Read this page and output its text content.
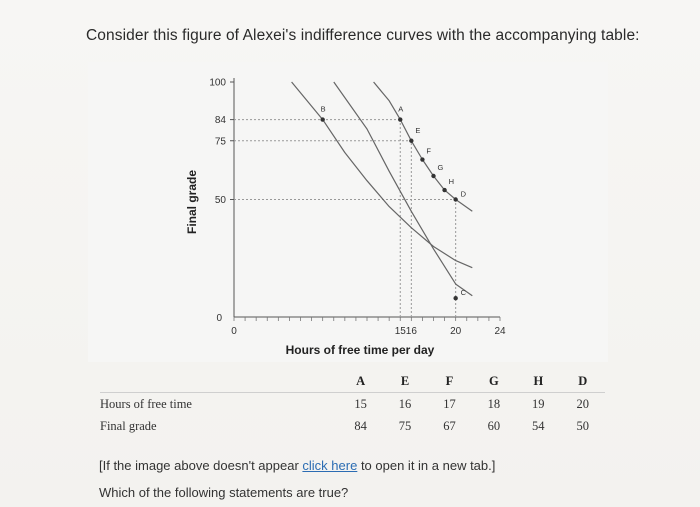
Consider this figure of Alexei's indifference curves with the accompanying table:
0
50
75
84
100
0	15 16	20	24
Hours of free time per day
Final grade
A
B
C
D
E
F
G
H
	A	E	F	G	H	D
Hours of free time	15	16	17	18	19	20
Final grade	84	75	67	60	54	50
[If the image above doesn't appear click here to open it in a new tab.]
Which of the following statements are true?
